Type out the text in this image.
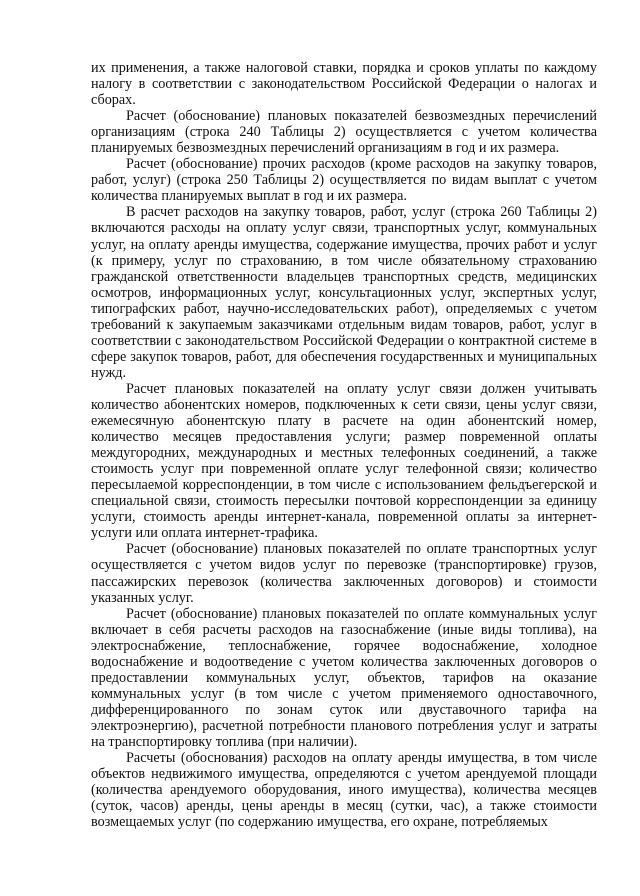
их применения, а также налоговой ставки, порядка и сроков уплаты по каждому налогу в соответствии с законодательством Российской Федерации о налогах и сборах.

Расчет (обоснование) плановых показателей безвозмездных перечислений организациям (строка 240 Таблицы 2) осуществляется с учетом количества планируемых безвозмездных перечислений организациям в год и их размера.

Расчет (обоснование) прочих расходов (кроме расходов на закупку товаров, работ, услуг) (строка 250 Таблицы 2) осуществляется по видам выплат с учетом количества планируемых выплат в год и их размера.

В расчет расходов на закупку товаров, работ, услуг (строка 260 Таблицы 2) включаются расходы на оплату услуг связи, транспортных услуг, коммунальных услуг, на оплату аренды имущества, содержание имущества, прочих работ и услуг (к примеру, услуг по страхованию, в том числе обязательному страхованию гражданской ответственности владельцев транспортных средств, медицинских осмотров, информационных услуг, консультационных услуг, экспертных услуг, типографских работ, научно-исследовательских работ), определяемых с учетом требований к закупаемым заказчиками отдельным видам товаров, работ, услуг в соответствии с законодательством Российской Федерации о контрактной системе в сфере закупок товаров, работ, для обеспечения государственных и муниципальных нужд.

Расчет плановых показателей на оплату услуг связи должен учитывать количество абонентских номеров, подключенных к сети связи, цены услуг связи, ежемесячную абонентскую плату в расчете на один абонентский номер, количество месяцев предоставления услуги; размер повременной оплаты междугородних, международных и местных телефонных соединений, а также стоимость услуг при повременной оплате услуг телефонной связи; количество пересылаемой корреспонденции, в том числе с использованием фельдъегерской и специальной связи, стоимость пересылки почтовой корреспонденции за единицу услуги, стоимость аренды интернет-канала, повременной оплаты за интернет-услуги или оплата интернет-трафика.

Расчет (обоснование) плановых показателей по оплате транспортных услуг осуществляется с учетом видов услуг по перевозке (транспортировке) грузов, пассажирских перевозок (количества заключенных договоров) и стоимости указанных услуг.

Расчет (обоснование) плановых показателей по оплате коммунальных услуг включает в себя расчеты расходов на газоснабжение (иные виды топлива), на электроснабжение, теплоснабжение, горячее водоснабжение, холодное водоснабжение и водоотведение с учетом количества заключенных договоров о предоставлении коммунальных услуг, объектов, тарифов на оказание коммунальных услуг (в том числе с учетом применяемого одноставочного, дифференцированного по зонам суток или двуставочного тарифа на электроэнергию), расчетной потребности планового потребления услуг и затраты на транспортировку топлива (при наличии).

Расчеты (обоснования) расходов на оплату аренды имущества, в том числе объектов недвижимого имущества, определяются с учетом арендуемой площади (количества арендуемого оборудования, иного имущества), количества месяцев (суток, часов) аренды, цены аренды в месяц (сутки, час), а также стоимости возмещаемых услуг (по содержанию имущества, его охране, потребляемых
